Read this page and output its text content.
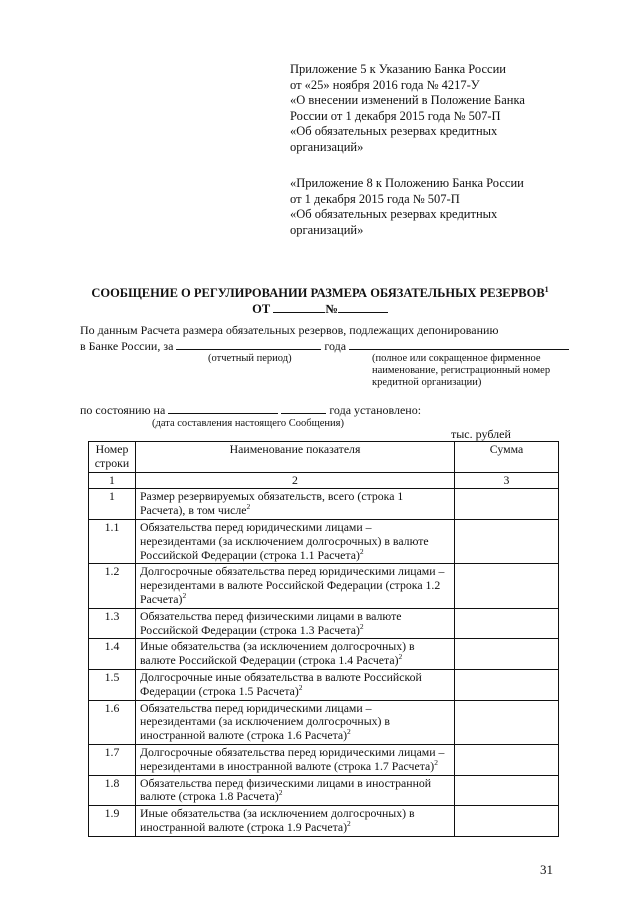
Приложение 5 к Указанию Банка России
от «25» ноября 2016 года № 4217-У
«О внесении изменений в Положение Банка
России от 1 декабря 2015 года № 507-П
«Об обязательных резервах кредитных
организаций»
«Приложение 8 к Положению Банка России
от 1 декабря 2015 года № 507-П
«Об обязательных резервах кредитных
организаций»
СООБЩЕНИЕ О РЕГУЛИРОВАНИИ РАЗМЕРА ОБЯЗАТЕЛЬНЫХ РЕЗЕРВОВ$^1$
ОТ	№
По данным Расчета размера обязательных резервов, подлежащих депонированию
в Банке России, за	года
(отчетный период)	(полное или сокращенное фирменное
наименование, регистрационный номер
кредитной организации)
по состоянию на	года установлено:
(дата составления настоящего Сообщения)
тыс. рублей
Номер строки	Наименование показателя	Сумма
1	2	3
1	Размер резервируемых обязательств, всего (строка 1 Расчета), в том числе$^2$	
1.1	Обязательства перед юридическими лицами – нерезидентами (за исключением долгосрочных) в валюте Российской Федерации (строка 1.1 Расчета)$^2$	
1.2	Долгосрочные обязательства перед юридическими лицами – нерезидентами в валюте Российской Федерации (строка 1.2 Расчета)$^2$	
1.3	Обязательства перед физическими лицами в валюте Российской Федерации (строка 1.3 Расчета)$^2$	
1.4	Иные обязательства (за исключением долгосрочных) в валюте Российской Федерации (строка 1.4 Расчета)$^2$	
1.5	Долгосрочные иные обязательства в валюте Российской Федерации (строка 1.5 Расчета)$^2$	
1.6	Обязательства перед юридическими лицами – нерезидентами (за исключением долгосрочных) в иностранной валюте (строка 1.6 Расчета)$^2$	
1.7	Долгосрочные обязательства перед юридическими лицами – нерезидентами в иностранной валюте (строка 1.7 Расчета)$^2$	
1.8	Обязательства перед физическими лицами в иностранной валюте (строка 1.8 Расчета)$^2$	
1.9	Иные обязательства (за исключением долгосрочных) в иностранной валюте (строка 1.9 Расчета)$^2$	
31
